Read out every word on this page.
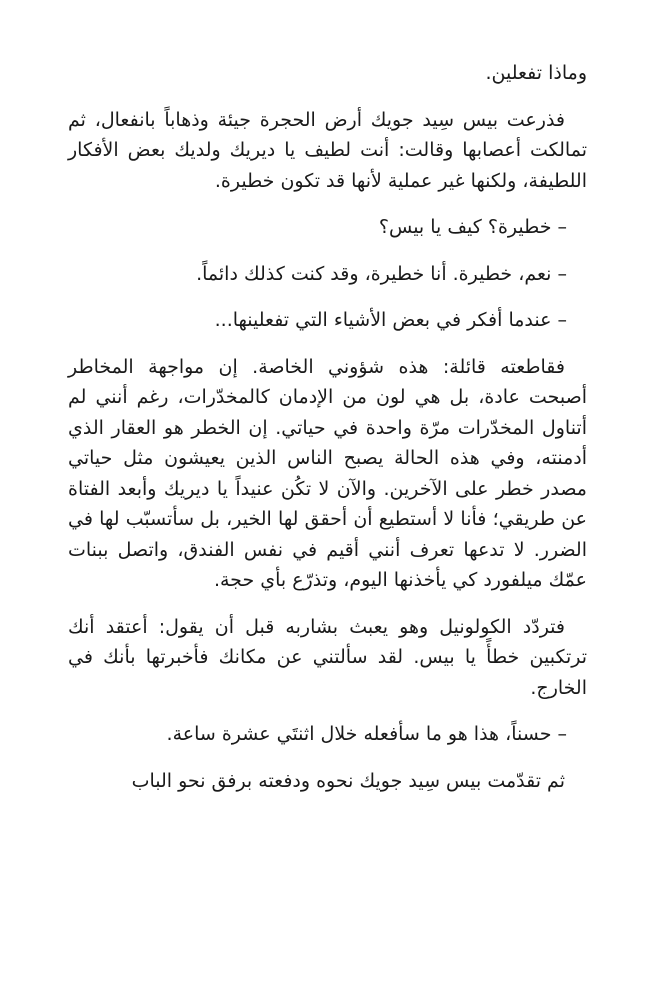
وماذا تفعلين.

فذرعت بيس سِيد جويك أرض الحجرة جيئة وذهاباً بانفعال، ثم تمالكت أعصابها وقالت: أنت لطيف يا ديريك ولديك بعض الأفكار اللطيفة، ولكنها غير عملية لأنها قد تكون خطيرة.

– خطيرة؟ كيف يا بيس؟

– نعم، خطيرة. أنا خطيرة، وقد كنت كذلك دائماً.

– عندما أفكر في بعض الأشياء التي تفعلينها...

فقاطعته قائلة: هذه شؤوني الخاصة. إن مواجهة المخاطر أصبحت عادة، بل هي لون من الإدمان كالمخدّرات، رغم أنني لم أتناول المخدّرات مرّة واحدة في حياتي. إن الخطر هو العقار الذي أدمنته، وفي هذه الحالة يصبح الناس الذين يعيشون مثل حياتي مصدر خطر على الآخرين. والآن لا تكُن عنيداً يا ديريك وأبعد الفتاة عن طريقي؛ فأنا لا أستطيع أن أحقق لها الخير، بل سأتسبّب لها في الضرر. لا تدعها تعرف أنني أقيم في نفس الفندق، واتصل ببنات عمّك ميلفورد كي يأخذنها اليوم، وتذرّع بأي حجة.

فتردّد الكولونيل وهو يعبث بشاربه قبل أن يقول: أعتقد أنك ترتكبين خطأً يا بيس. لقد سألتني عن مكانك فأخبرتها بأنك في الخارج.

– حسناً، هذا هو ما سأفعله خلال اثنتَي عشرة ساعة.

ثم تقدّمت بيس سِيد جويك نحوه ودفعته برفق نحو الباب
